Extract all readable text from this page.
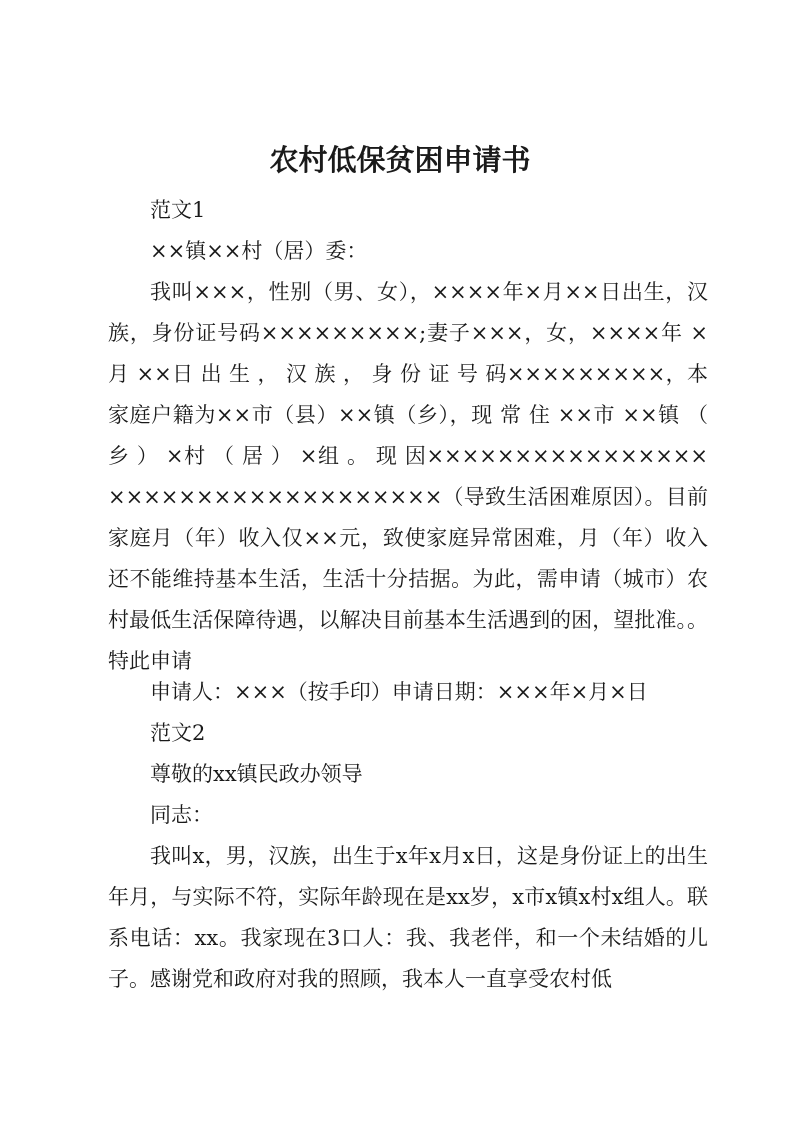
农村低保贫困申请书

范文1

××镇××村（居）委：

我叫×××，性别（男、女），××××年×月××日出生，汉族，身份证号码×××××××××;妻子×××，女，××××年 ×月 ××日 出 生 ， 汉 族 ， 身 份 证 号 码×××××××××，本家庭户籍为××市（县）××镇（乡），现 常 住 ××市 ××镇 （ 乡 ） ×村 （ 居 ） ×组 。 现 因×××××××××××××××××××××××××××××××××××（导致生活困难原因）。目前家庭月（年）收入仅××元，致使家庭异常困难，月（年）收入还不能维持基本生活，生活十分拮据。为此，需申请（城市）农村最低生活保障待遇，以解决目前基本生活遇到的困，望批准。。特此申请

申请人：×××（按手印）申请日期：×××年×月×日

范文2

尊敬的xx镇民政办领导

同志：

我叫x，男，汉族，出生于x年x月x日，这是身份证上的出生年月，与实际不符，实际年龄现在是xx岁，x市x镇x村x组人。联系电话：xx。我家现在3口人：我、我老伴，和一个未结婚的儿子。感谢党和政府对我的照顾，我本人一直享受农村低
